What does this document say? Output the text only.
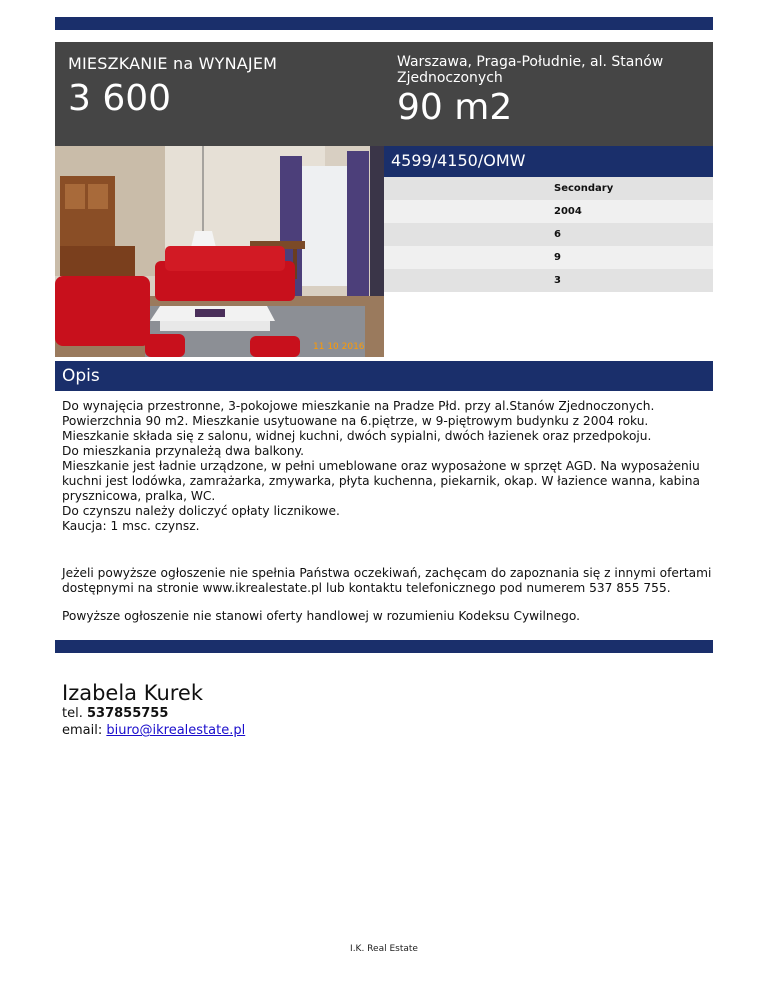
MIESZKANIE na WYNAJEM
3 600
Warszawa, Praga-Południe, al. Stanów Zjednoczonych
90 m2
11 10 2016
4599/4150/OMW
Secondary
2004
6
9
3
Opis
Do wynajęcia przestronne, 3-pokojowe mieszkanie na Pradze Płd. przy al.Stanów Zjednoczonych.
Powierzchnia 90 m2. Mieszkanie usytuowane na 6.piętrze, w 9-piętrowym budynku z 2004 roku.
Mieszkanie składa się z salonu, widnej kuchni, dwóch sypialni, dwóch łazienek oraz przedpokoju.
Do mieszkania przynależą dwa balkony.
Mieszkanie jest ładnie urządzone, w pełni umeblowane oraz wyposażone w sprzęt AGD. Na wyposażeniu kuchni jest lodówka, zamrażarka, zmywarka, płyta kuchenna, piekarnik, okap. W łazience wanna, kabina prysznicowa, pralka, WC.
Do czynszu należy doliczyć opłaty licznikowe.
Kaucja: 1 msc. czynsz.
Jeżeli powyższe ogłoszenie nie spełnia Państwa oczekiwań, zachęcam do zapoznania się z innymi ofertami dostępnymi na stronie www.ikrealestate.pl lub kontaktu telefonicznego pod numerem 537 855 755.
Powyższe ogłoszenie nie stanowi oferty handlowej w rozumieniu Kodeksu Cywilnego.
Izabela Kurek
tel. 537855755
email: biuro@ikrealestate.pl
I.K. Real Estate
